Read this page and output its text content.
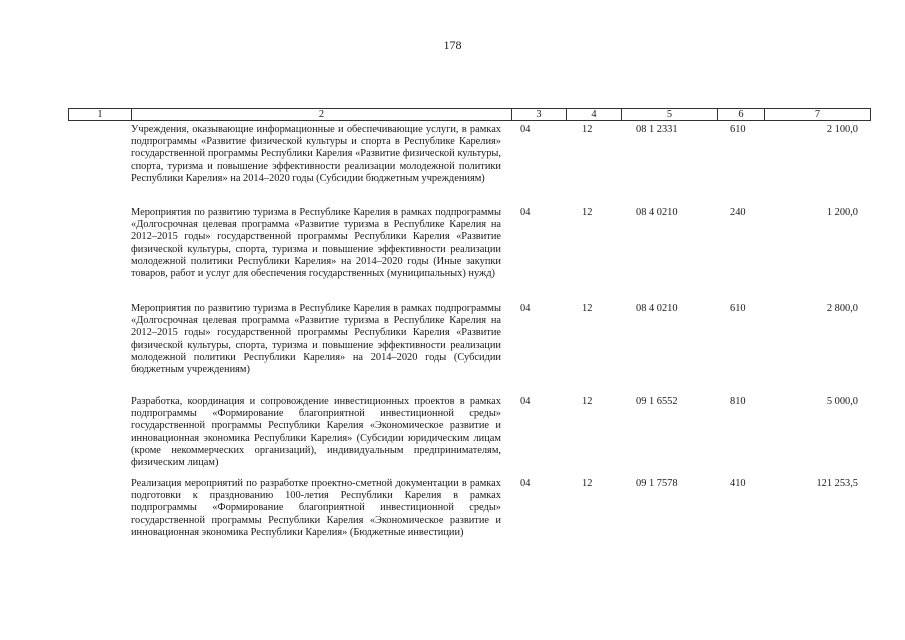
178
1	2	3	4	5	6	7
Учреждения, оказывающие информационные и обеспечивающие услуги, в рамках подпрограммы «Развитие физической культуры и спорта в Республике Карелия» государственной программы Республики Карелия «Развитие физической культуры, спорта, туризма и повышение эффективности реализации молодежной политики Республики Карелия» на 2014–2020 годы (Субсидии бюджетным учреждениям)
04	12	08 1 2331	610	2 100,0
Мероприятия по развитию туризма в Республике Карелия в рамках подпрограммы «Долгосрочная целевая программа «Развитие туризма в Республике Карелия на 2012–2015 годы» государственной программы Республики Карелия «Развитие физической культуры, спорта, туризма и повышение эффективности реализации молодежной политики Республики Карелия» на 2014–2020 годы (Иные закупки товаров, работ и услуг для обеспечения государственных (муниципальных) нужд)
04	12	08 4 0210	240	1 200,0
Мероприятия по развитию туризма в Республике Карелия в рамках подпрограммы «Долгосрочная целевая программа «Развитие туризма в Республике Карелия на 2012–2015 годы» государственной программы Республики Карелия «Развитие физической культуры, спорта, туризма и повышение эффективности реализации молодежной политики Республики Карелия» на 2014–2020 годы (Субсидии бюджетным учреждениям)
04	12	08 4 0210	610	2 800,0
Разработка, координация и сопровождение инвестиционных проектов в рамках подпрограммы «Формирование благоприятной инвестиционной среды» государственной программы Республики Карелия «Экономическое развитие и инновационная экономика Республики Карелия» (Субсидии юридическим лицам (кроме некоммерческих организаций), индивидуальным предпринимателям, физическим лицам)
04	12	09 1 6552	810	5 000,0
Реализация мероприятий по разработке проектно-сметной документации в рамках подготовки к празднованию 100-летия Республики Карелия в рамках подпрограммы «Формирование благоприятной инвестиционной среды» государственной программы Республики Карелия «Экономическое развитие и инновационная экономика Республики Карелия» (Бюджетные инвестиции)
04	12	09 1 7578	410	121 253,5
